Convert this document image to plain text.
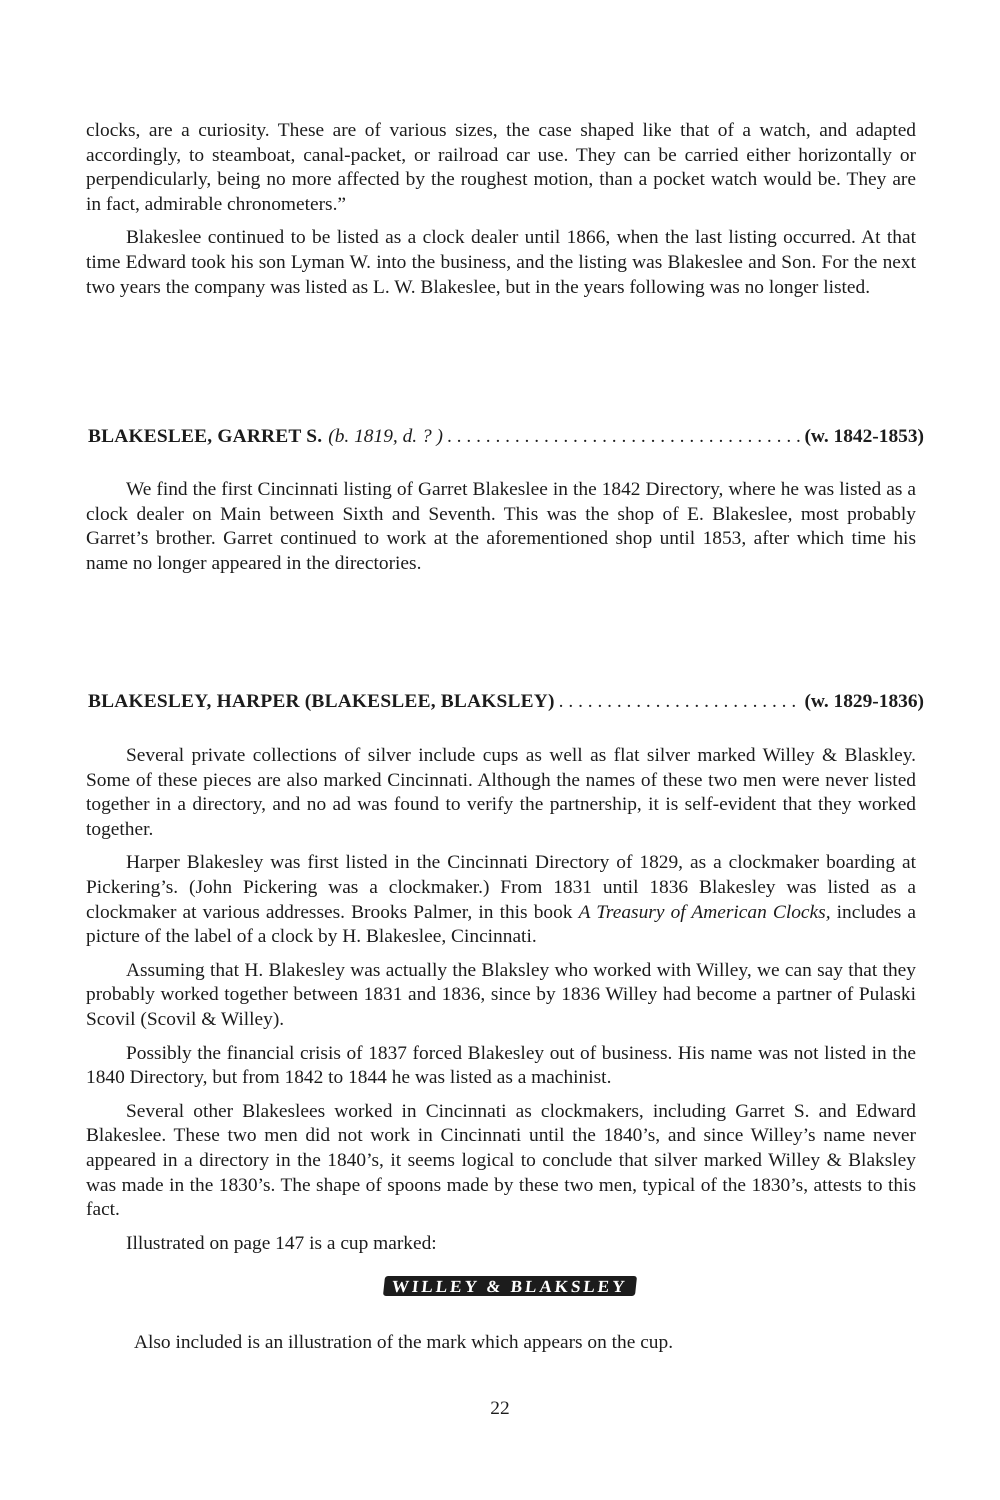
clocks, are a curiosity. These are of various sizes, the case shaped like that of a watch, and adapted accordingly, to steamboat, canal-packet, or railroad car use. They can be carried either horizontally or perpendicularly, being no more affected by the roughest motion, than a pocket watch would be. They are in fact, admirable chronometers.”

Blakeslee continued to be listed as a clock dealer until 1866, when the last listing occurred. At that time Edward took his son Lyman W. into the business, and the listing was Blakeslee and Son. For the next two years the company was listed as L. W. Blakeslee, but in the years following was no longer listed.

BLAKESLEE, GARRET S. (b. 1819, d. ? ) . . .	(w. 1842-1853)

We find the first Cincinnati listing of Garret Blakeslee in the 1842 Directory, where he was listed as a clock dealer on Main between Sixth and Seventh. This was the shop of E. Blakeslee, most probably Garret’s brother. Garret continued to work at the aforementioned shop until 1853, after which time his name no longer appeared in the directories.

BLAKESLEY, HARPER (BLAKESLEE, BLAKSLEY) . . .	(w. 1829-1836)

Several private collections of silver include cups as well as flat silver marked Willey & Blaskley. Some of these pieces are also marked Cincinnati. Although the names of these two men were never listed together in a directory, and no ad was found to verify the partnership, it is self-evident that they worked together.

Harper Blakesley was first listed in the Cincinnati Directory of 1829, as a clockmaker boarding at Pickering’s. (John Pickering was a clockmaker.) From 1831 until 1836 Blakesley was listed as a clockmaker at various addresses. Brooks Palmer, in this book A Treasury of American Clocks, includes a picture of the label of a clock by H. Blakeslee, Cincinnati.

Assuming that H. Blakesley was actually the Blaksley who worked with Willey, we can say that they probably worked together between 1831 and 1836, since by 1836 Willey had become a partner of Pulaski Scovil (Scovil & Willey).

Possibly the financial crisis of 1837 forced Blakesley out of business. His name was not listed in the 1840 Directory, but from 1842 to 1844 he was listed as a machinist.

Several other Blakeslees worked in Cincinnati as clockmakers, including Garret S. and Edward Blakeslee. These two men did not work in Cincinnati until the 1840’s, and since Willey’s name never appeared in a directory in the 1840’s, it seems logical to conclude that silver marked Willey & Blaksley was made in the 1830’s. The shape of spoons made by these two men, typical of the 1830’s, attests to this fact.

Illustrated on page 147 is a cup marked:

WILLEY & BLAKSLEY
Also included is an illustration of the mark which appears on the cup.
22
